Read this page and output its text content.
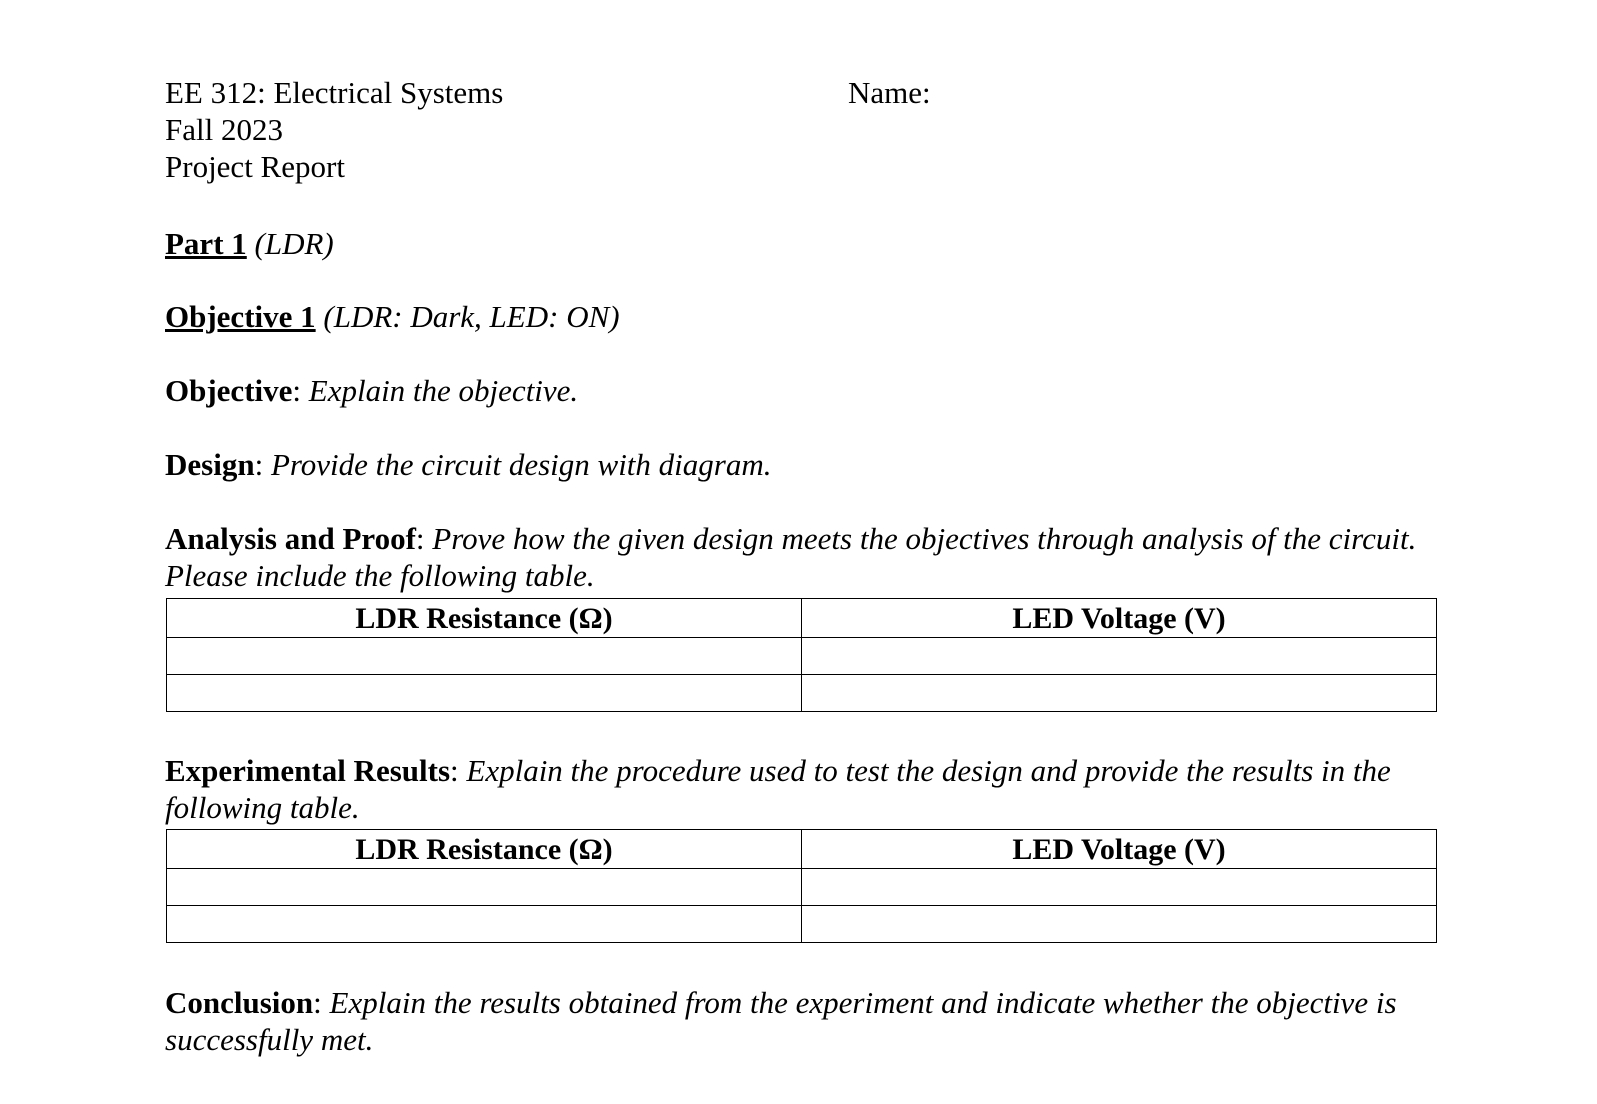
EE 312: Electrical Systems
Fall 2023
Project Report
Name:
Part 1 (LDR)
Objective 1 (LDR: Dark, LED: ON)
Objective: Explain the objective.
Design: Provide the circuit design with diagram.
Analysis and Proof: Prove how the given design meets the objectives through analysis of the circuit. Please include the following table.
LDR Resistance (Ω)	LED Voltage (V)

Experimental Results: Explain the procedure used to test the design and provide the results in the following table.
LDR Resistance (Ω)	LED Voltage (V)

Conclusion: Explain the results obtained from the experiment and indicate whether the objective is successfully met.
